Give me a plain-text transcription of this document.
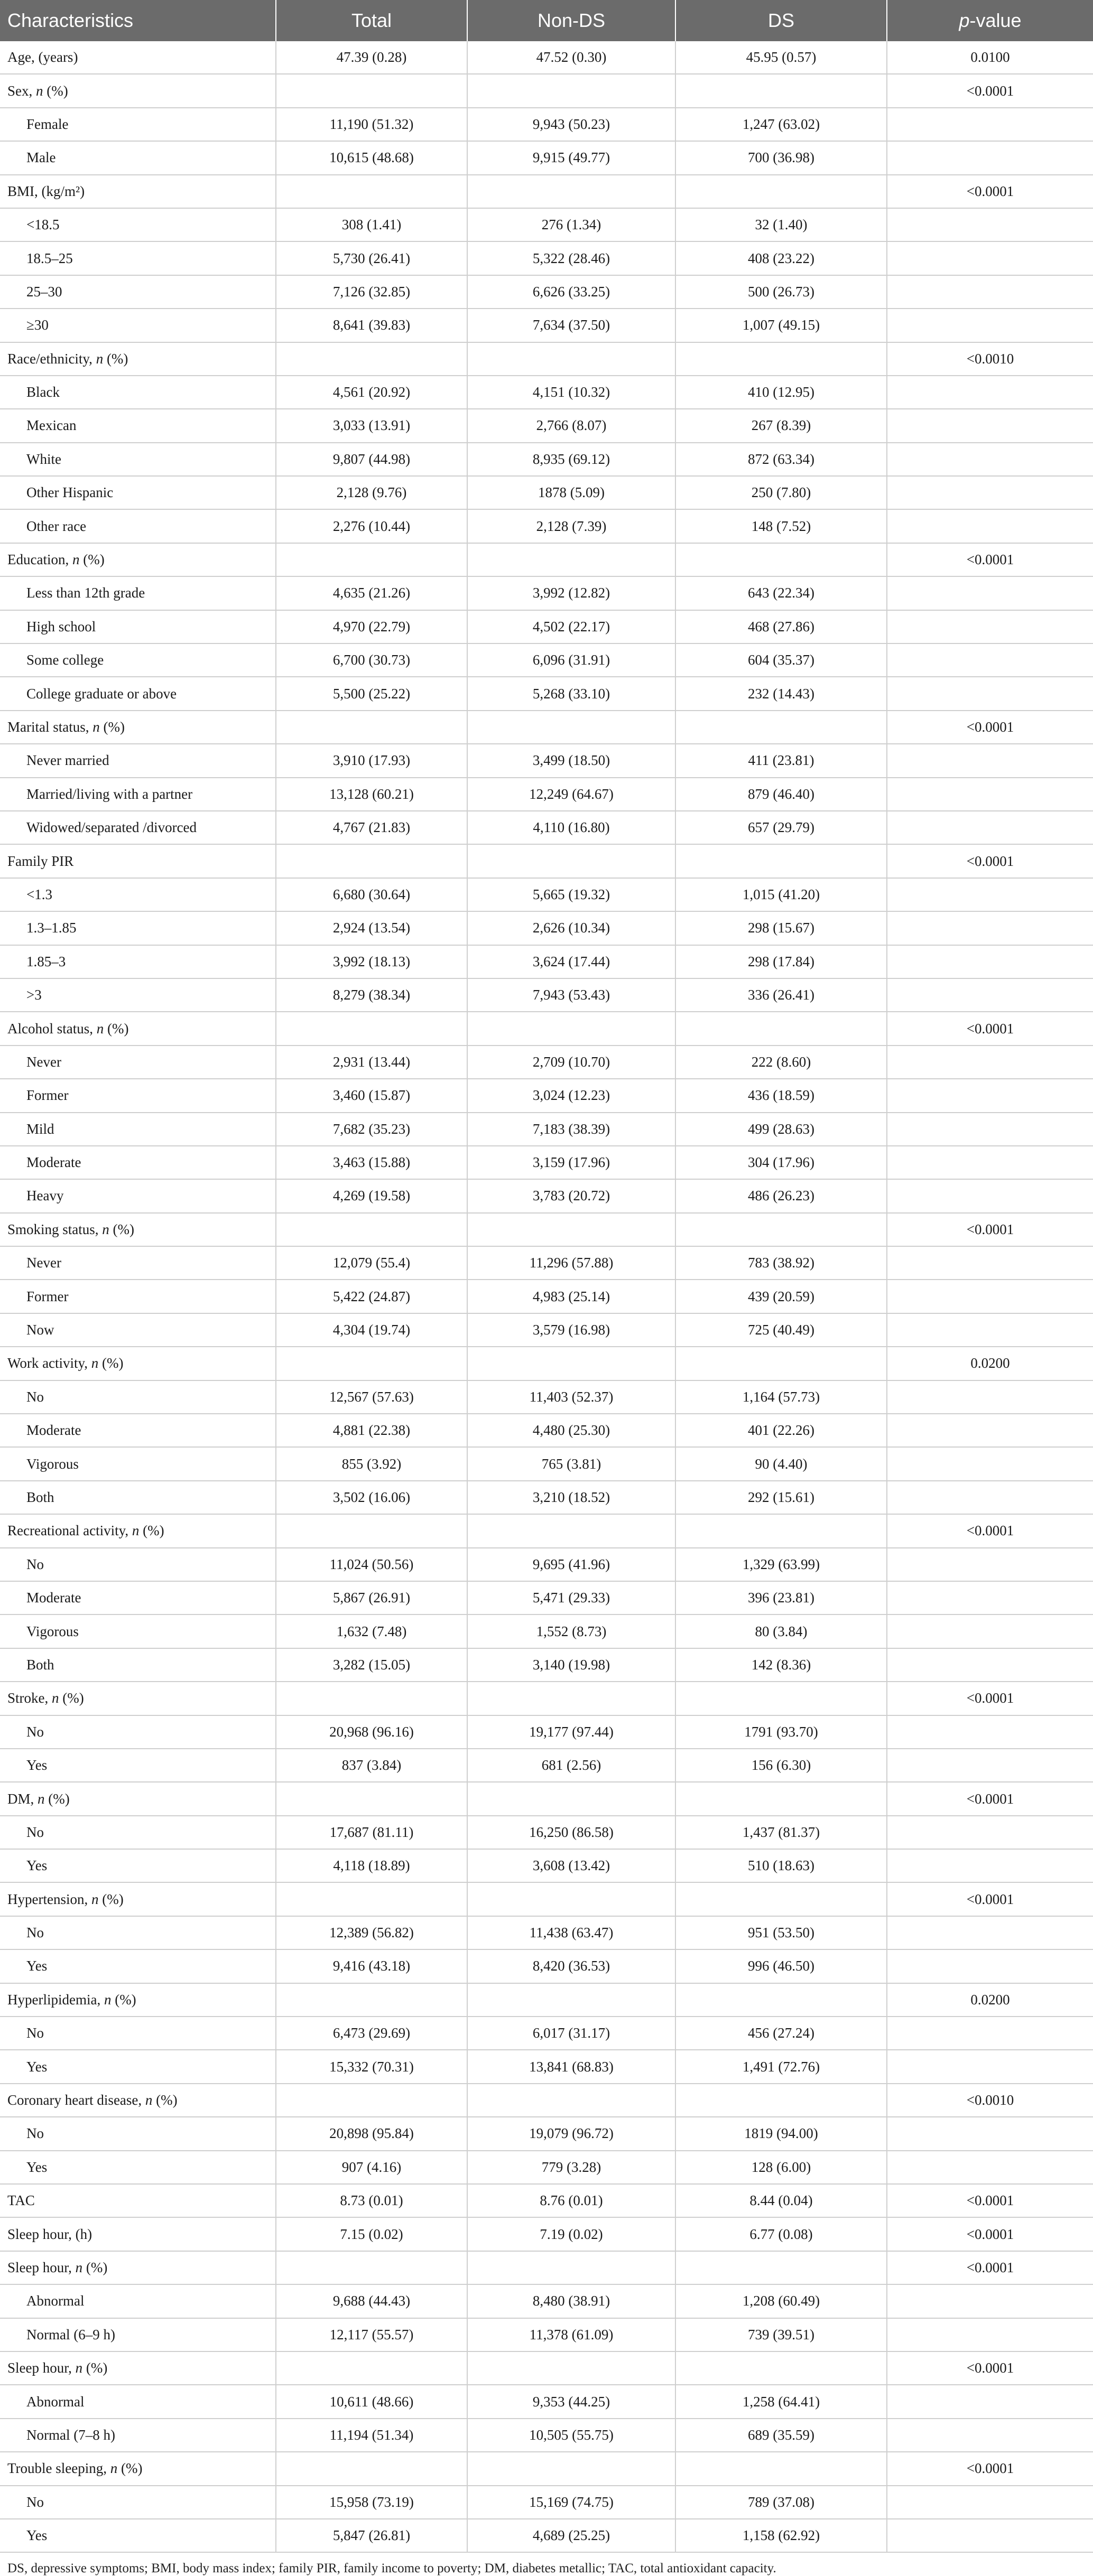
Characteristics	Total	Non-DS	DS	p-value
Age, (years)	47.39 (0.28)	47.52 (0.30)	45.95 (0.57)	0.0100
Sex, n (%)				<0.0001
Female	11,190 (51.32)	9,943 (50.23)	1,247 (63.02)	
Male	10,615 (48.68)	9,915 (49.77)	700 (36.98)	
BMI, (kg/m²)				<0.0001
<18.5	308 (1.41)	276 (1.34)	32 (1.40)	
18.5–25	5,730 (26.41)	5,322 (28.46)	408 (23.22)	
25–30	7,126 (32.85)	6,626 (33.25)	500 (26.73)	
≥30	8,641 (39.83)	7,634 (37.50)	1,007 (49.15)	
Race/ethnicity, n (%)				<0.0010
Black	4,561 (20.92)	4,151 (10.32)	410 (12.95)	
Mexican	3,033 (13.91)	2,766 (8.07)	267 (8.39)	
White	9,807 (44.98)	8,935 (69.12)	872 (63.34)	
Other Hispanic	2,128 (9.76)	1878 (5.09)	250 (7.80)	
Other race	2,276 (10.44)	2,128 (7.39)	148 (7.52)	
Education, n (%)				<0.0001
Less than 12th grade	4,635 (21.26)	3,992 (12.82)	643 (22.34)	
High school	4,970 (22.79)	4,502 (22.17)	468 (27.86)	
Some college	6,700 (30.73)	6,096 (31.91)	604 (35.37)	
College graduate or above	5,500 (25.22)	5,268 (33.10)	232 (14.43)	
Marital status, n (%)				<0.0001
Never married	3,910 (17.93)	3,499 (18.50)	411 (23.81)	
Married/living with a partner	13,128 (60.21)	12,249 (64.67)	879 (46.40)	
Widowed/separated /divorced	4,767 (21.83)	4,110 (16.80)	657 (29.79)	
Family PIR				<0.0001
<1.3	6,680 (30.64)	5,665 (19.32)	1,015 (41.20)	
1.3–1.85	2,924 (13.54)	2,626 (10.34)	298 (15.67)	
1.85–3	3,992 (18.13)	3,624 (17.44)	298 (17.84)	
>3	8,279 (38.34)	7,943 (53.43)	336 (26.41)	
Alcohol status, n (%)				<0.0001
Never	2,931 (13.44)	2,709 (10.70)	222 (8.60)	
Former	3,460 (15.87)	3,024 (12.23)	436 (18.59)	
Mild	7,682 (35.23)	7,183 (38.39)	499 (28.63)	
Moderate	3,463 (15.88)	3,159 (17.96)	304 (17.96)	
Heavy	4,269 (19.58)	3,783 (20.72)	486 (26.23)	
Smoking status, n (%)				<0.0001
Never	12,079 (55.4)	11,296 (57.88)	783 (38.92)	
Former	5,422 (24.87)	4,983 (25.14)	439 (20.59)	
Now	4,304 (19.74)	3,579 (16.98)	725 (40.49)	
Work activity, n (%)				0.0200
No	12,567 (57.63)	11,403 (52.37)	1,164 (57.73)	
Moderate	4,881 (22.38)	4,480 (25.30)	401 (22.26)	
Vigorous	855 (3.92)	765 (3.81)	90 (4.40)	
Both	3,502 (16.06)	3,210 (18.52)	292 (15.61)	
Recreational activity, n (%)				<0.0001
No	11,024 (50.56)	9,695 (41.96)	1,329 (63.99)	
Moderate	5,867 (26.91)	5,471 (29.33)	396 (23.81)	
Vigorous	1,632 (7.48)	1,552 (8.73)	80 (3.84)	
Both	3,282 (15.05)	3,140 (19.98)	142 (8.36)	
Stroke, n (%)				<0.0001
No	20,968 (96.16)	19,177 (97.44)	1791 (93.70)	
Yes	837 (3.84)	681 (2.56)	156 (6.30)	
DM, n (%)				<0.0001
No	17,687 (81.11)	16,250 (86.58)	1,437 (81.37)	
Yes	4,118 (18.89)	3,608 (13.42)	510 (18.63)	
Hypertension, n (%)				<0.0001
No	12,389 (56.82)	11,438 (63.47)	951 (53.50)	
Yes	9,416 (43.18)	8,420 (36.53)	996 (46.50)	
Hyperlipidemia, n (%)				0.0200
No	6,473 (29.69)	6,017 (31.17)	456 (27.24)	
Yes	15,332 (70.31)	13,841 (68.83)	1,491 (72.76)	
Coronary heart disease, n (%)				<0.0010
No	20,898 (95.84)	19,079 (96.72)	1819 (94.00)	
Yes	907 (4.16)	779 (3.28)	128 (6.00)	
TAC	8.73 (0.01)	8.76 (0.01)	8.44 (0.04)	<0.0001
Sleep hour, (h)	7.15 (0.02)	7.19 (0.02)	6.77 (0.08)	<0.0001
Sleep hour, n (%)				<0.0001
Abnormal	9,688 (44.43)	8,480 (38.91)	1,208 (60.49)	
Normal (6–9 h)	12,117 (55.57)	11,378 (61.09)	739 (39.51)	
Sleep hour, n (%)				<0.0001
Abnormal	10,611 (48.66)	9,353 (44.25)	1,258 (64.41)	
Normal (7–8 h)	11,194 (51.34)	10,505 (55.75)	689 (35.59)	
Trouble sleeping, n (%)				<0.0001
No	15,958 (73.19)	15,169 (74.75)	789 (37.08)	
Yes	5,847 (26.81)	4,689 (25.25)	1,158 (62.92)	
DS, depressive symptoms; BMI, body mass index; family PIR, family income to poverty; DM, diabetes metallic; TAC, total antioxidant capacity.
